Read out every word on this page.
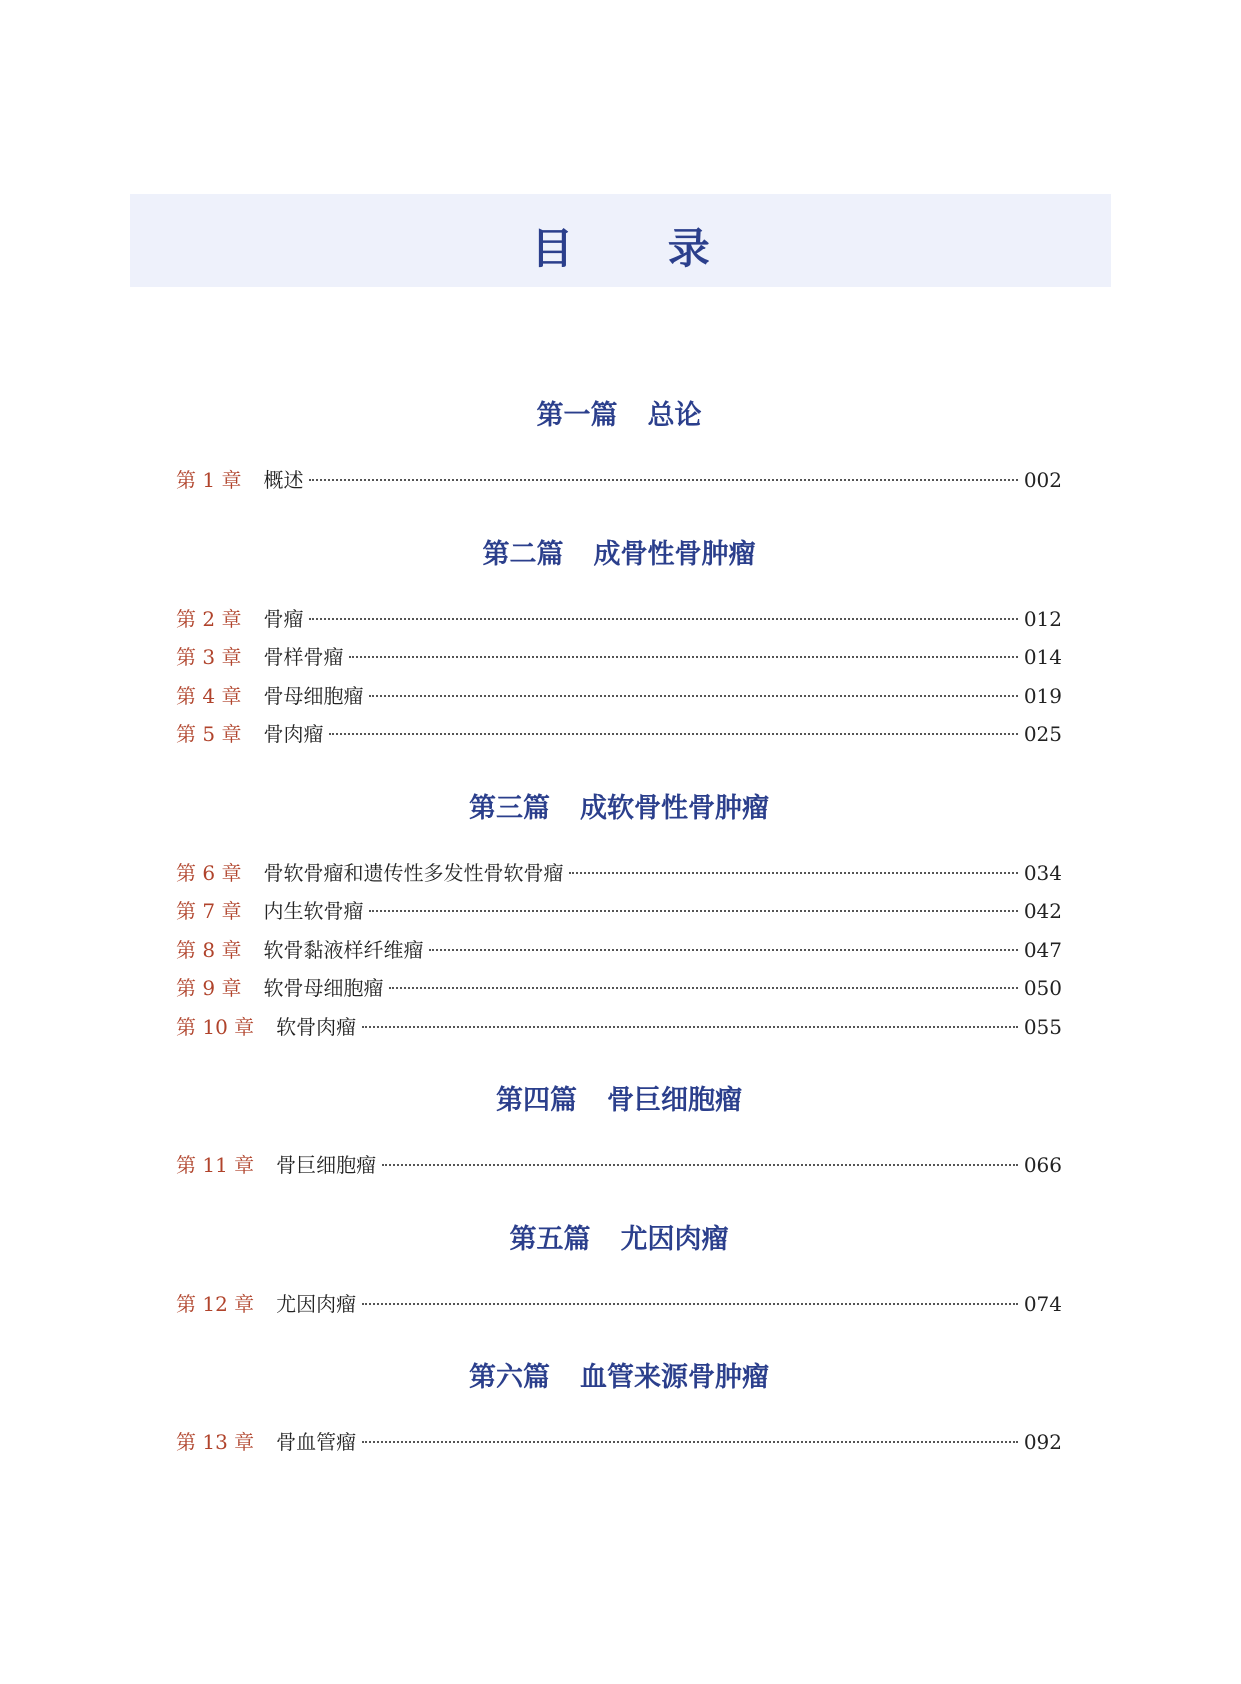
目 录
第一篇 总论
第 1 章 概述	002
第二篇 成骨性骨肿瘤
第 2 章 骨瘤	012
第 3 章 骨样骨瘤	014
第 4 章 骨母细胞瘤	019
第 5 章 骨肉瘤	025
第三篇 成软骨性骨肿瘤
第 6 章 骨软骨瘤和遗传性多发性骨软骨瘤	034
第 7 章 内生软骨瘤	042
第 8 章 软骨黏液样纤维瘤	047
第 9 章 软骨母细胞瘤	050
第 10 章 软骨肉瘤	055
第四篇 骨巨细胞瘤
第 11 章 骨巨细胞瘤	066
第五篇 尤因肉瘤
第 12 章 尤因肉瘤	074
第六篇 血管来源骨肿瘤
第 13 章 骨血管瘤	092
